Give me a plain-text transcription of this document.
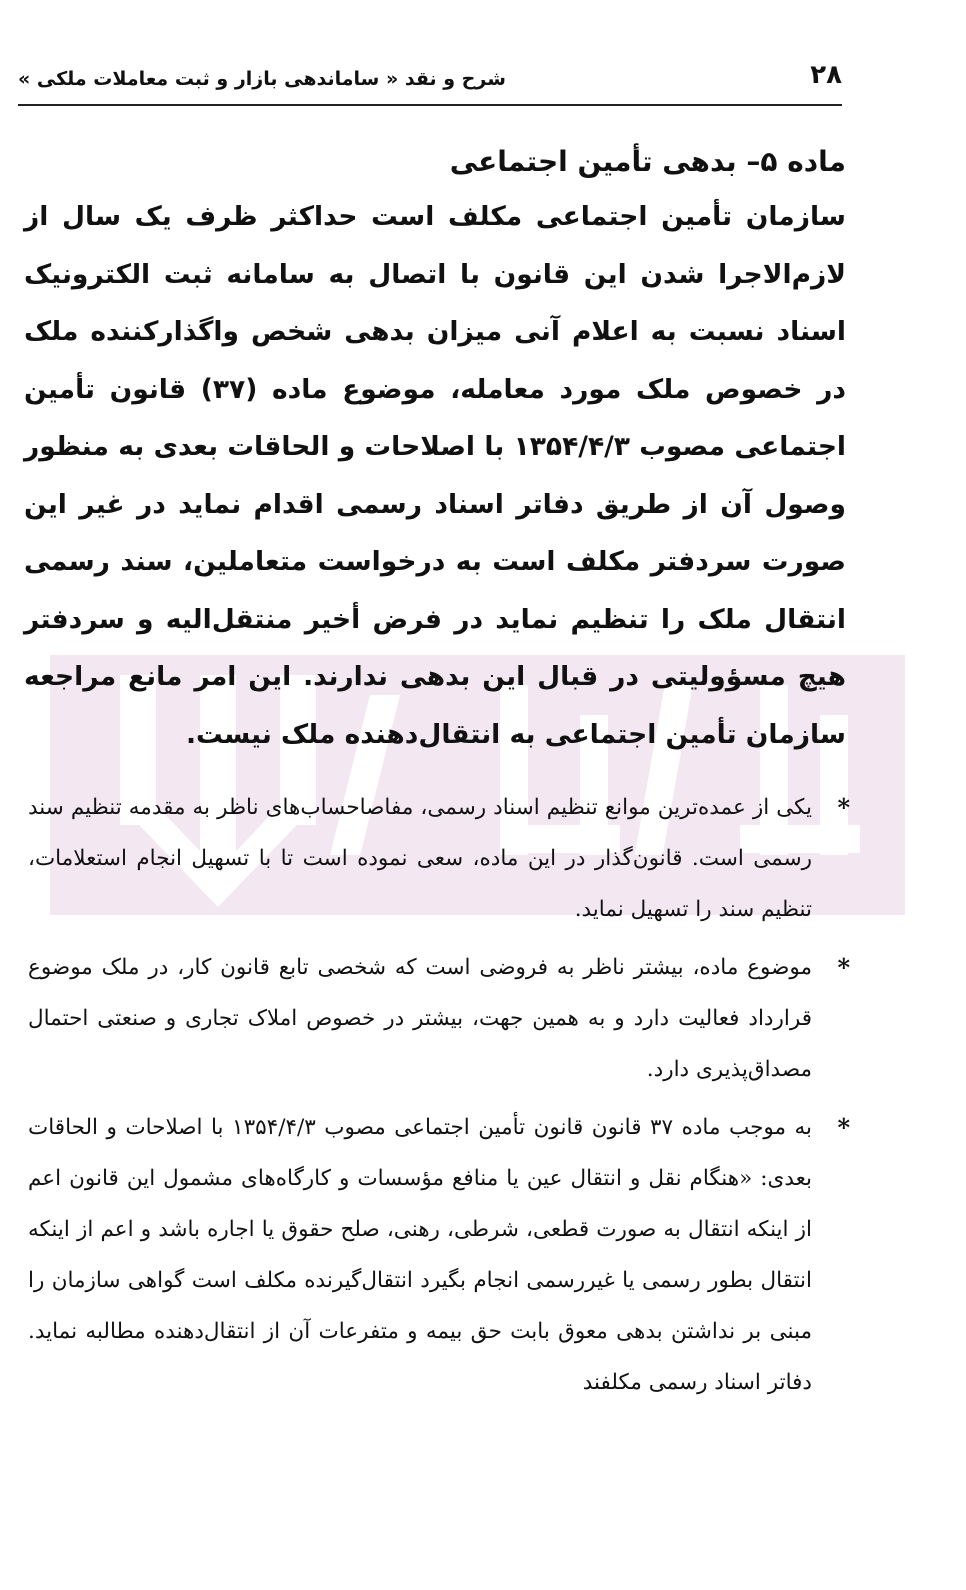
۲۸
شرح و نقد « ساماندهی بازار و ثبت معاملات ملکی »

ماده ۵– بدهی تأمین اجتماعی

سازمان تأمین اجتماعی مکلف است حداکثر ظرف یک سال از لازم‌الاجرا شدن این قانون با اتصال به سامانه ثبت الکترونیک اسناد نسبت به اعلام آنی میزان بدهی شخص واگذارکننده ملک در خصوص ملک مورد معامله، موضوع ماده (۳۷) قانون تأمین اجتماعی مصوب ۱۳۵۴/۴/۳ با اصلاحات و الحاقات بعدی به منظور وصول آن از طریق دفاتر اسناد رسمی اقدام نماید در غیر این صورت سردفتر مکلف است به درخواست متعاملین، سند رسمی انتقال ملک را تنظیم نماید در فرض أخیر منتقل‌الیه و سردفتر هیچ مسؤولیتی در قبال این بدهی ندارند. این امر مانع مراجعه سازمان تأمین اجتماعی به انتقال‌دهنده ملک نیست.

*
یکی از عمده‌ترین موانع تنظیم اسناد رسمی، مفاصاحساب‌های ناظر به مقدمه تنظیم سند رسمی است. قانون‌گذار در این ماده، سعی نموده است تا با تسهیل انجام استعلامات، تنظیم سند را تسهیل نماید.
*
موضوع ماده، بیشتر ناظر به فروضی است که شخصی تابع قانون کار، در ملک موضوع قرارداد فعالیت دارد و به همین جهت، بیشتر در خصوص املاک تجاری و صنعتی احتمال مصداق‌پذیری دارد.
*
به موجب ماده ۳۷ قانون قانون تأمین اجتماعی مصوب ۱۳۵۴/۴/۳ با اصلاحات و الحاقات بعدی: «هنگام نقل و انتقال عین یا منافع مؤسسات و کارگاه‌های مشمول این قانون اعم از اینکه انتقال به صورت قطعی، شرطی، رهنی، صلح حقوق یا اجاره باشد و اعم از اینکه انتقال بطور رسمی یا غیررسمی انجام بگیرد انتقال‌گیرنده مکلف است گواهی سازمان را مبنی بر نداشتن بدهی معوق بابت حق بیمه و متفرعات آن از انتقال‌دهنده مطالبه نماید. دفاتر اسناد رسمی مکلفند
